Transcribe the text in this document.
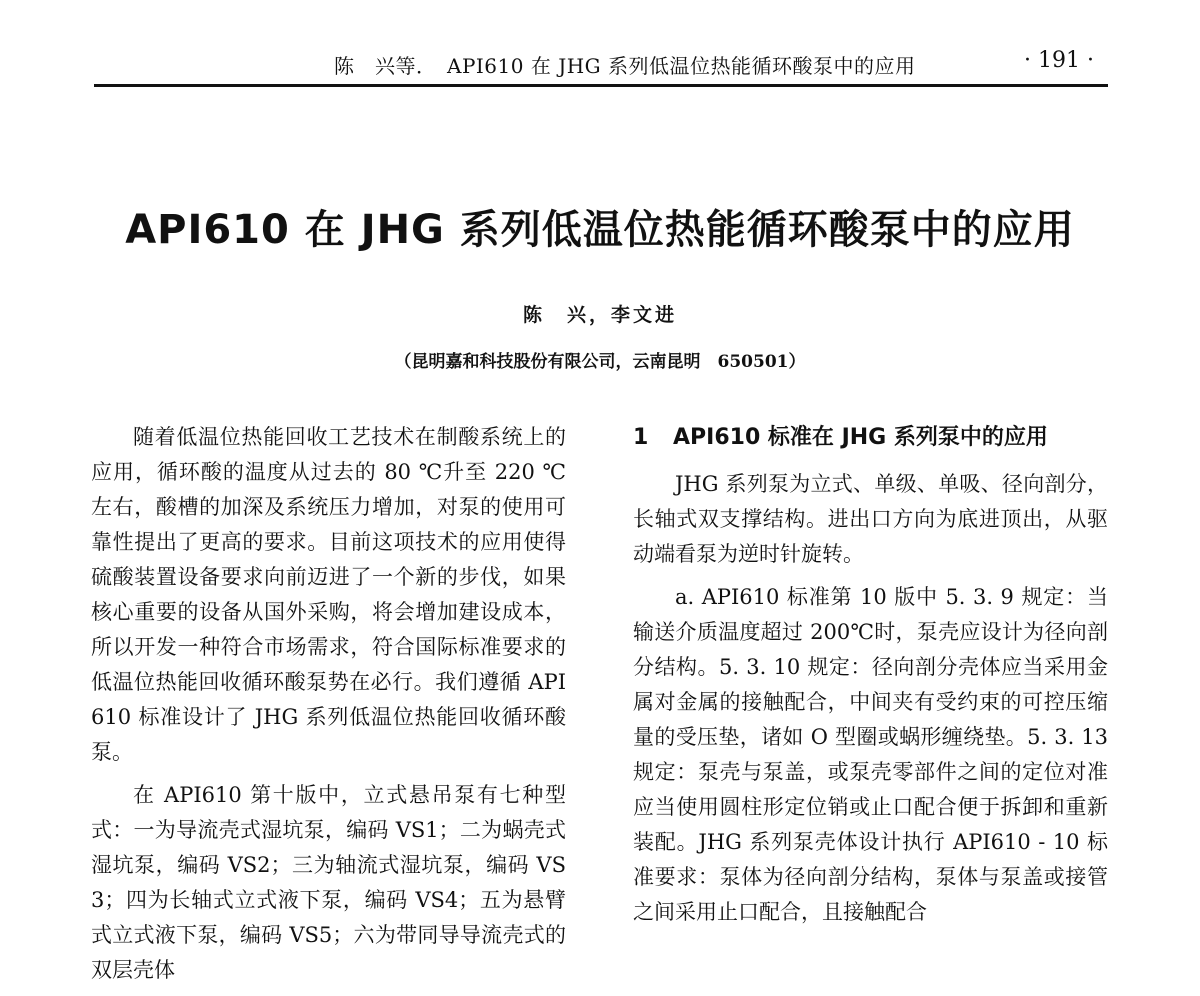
陈　兴等．　API610 在 JHG 系列低温位热能循环酸泵中的应用	· 191 ·
API610 在 JHG 系列低温位热能循环酸泵中的应用
陈　兴，李文进
（昆明嘉和科技股份有限公司，云南昆明　650501）

随着低温位热能回收工艺技术在制酸系统上的应用，循环酸的温度从过去的 80 ℃升至 220 ℃左右，酸槽的加深及系统压力增加，对泵的使用可靠性提出了更高的要求。目前这项技术的应用使得硫酸装置设备要求向前迈进了一个新的步伐，如果核心重要的设备从国外采购，将会增加建设成本，所以开发一种符合市场需求，符合国际标准要求的低温位热能回收循环酸泵势在必行。我们遵循 API610 标准设计了 JHG 系列低温位热能回收循环酸泵。

在 API610 第十版中，立式悬吊泵有七种型式：一为导流壳式湿坑泵，编码 VS1；二为蜗壳式湿坑泵，编码 VS2；三为轴流式湿坑泵，编码 VS3；四为长轴式立式液下泵，编码 VS4；五为悬臂式立式液下泵，编码 VS5；六为带同导导流壳式的双层壳体

1 API610 标准在 JHG 系列泵中的应用

JHG 系列泵为立式、单级、单吸、径向剖分，长轴式双支撑结构。进出口方向为底进顶出，从驱动端看泵为逆时针旋转。

a. API610 标准第 10 版中 5. 3. 9 规定：当输送介质温度超过 200℃时，泵壳应设计为径向剖分结构。5. 3. 10 规定：径向剖分壳体应当采用金属对金属的接触配合，中间夹有受约束的可控压缩量的受压垫，诸如 O 型圈或蜗形缠绕垫。5. 3. 13 规定：泵壳与泵盖，或泵壳零部件之间的定位对准应当使用圆柱形定位销或止口配合便于拆卸和重新装配。JHG 系列泵壳体设计执行 API610 - 10 标准要求：泵体为径向剖分结构，泵体与泵盖或接管之间采用止口配合，且接触配合
